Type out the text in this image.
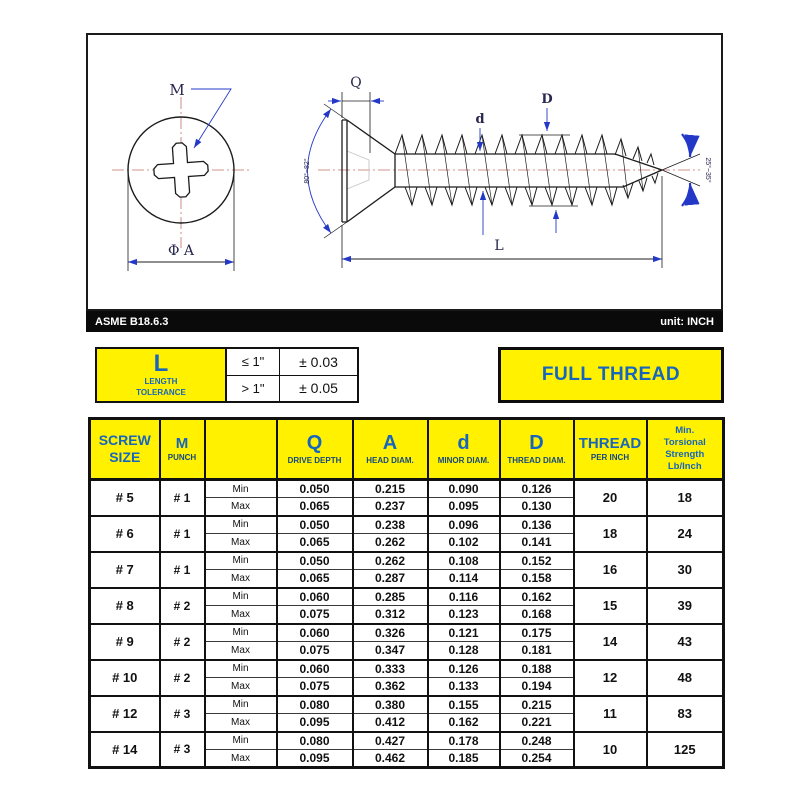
M
Φ A
Q
80°~82°
d
D
25°~35°
L
ASME B18.6.3	unit: INCH
L
LENGTH
TOLERANCE
≤ 1"	± 0.03
> 1"	± 0.05
FULL THREAD
SCREW
SIZE

M
PUNCH

Q
DRIVE DEPTH

A
HEAD DIAM.

d
MINOR DIAM.

D
THREAD DIAM.

THREAD
PER INCH

Min.
Torsional
Strength
Lb/Inch

# 5	# 1	Min	0.050	0.215	0.090	0.126	20	18
		Max	0.065	0.237	0.095	0.130		
# 6	# 1	Min	0.050	0.238	0.096	0.136	18	24
		Max	0.065	0.262	0.102	0.141		
# 7	# 1	Min	0.050	0.262	0.108	0.152	16	30
		Max	0.065	0.287	0.114	0.158		
# 8	# 2	Min	0.060	0.285	0.116	0.162	15	39
		Max	0.075	0.312	0.123	0.168		
# 9	# 2	Min	0.060	0.326	0.121	0.175	14	43
		Max	0.075	0.347	0.128	0.181		
# 10	# 2	Min	0.060	0.333	0.126	0.188	12	48
		Max	0.075	0.362	0.133	0.194		
# 12	# 3	Min	0.080	0.380	0.155	0.215	11	83
		Max	0.095	0.412	0.162	0.221		
# 14	# 3	Min	0.080	0.427	0.178	0.248	10	125
		Max	0.095	0.462	0.185	0.254		
